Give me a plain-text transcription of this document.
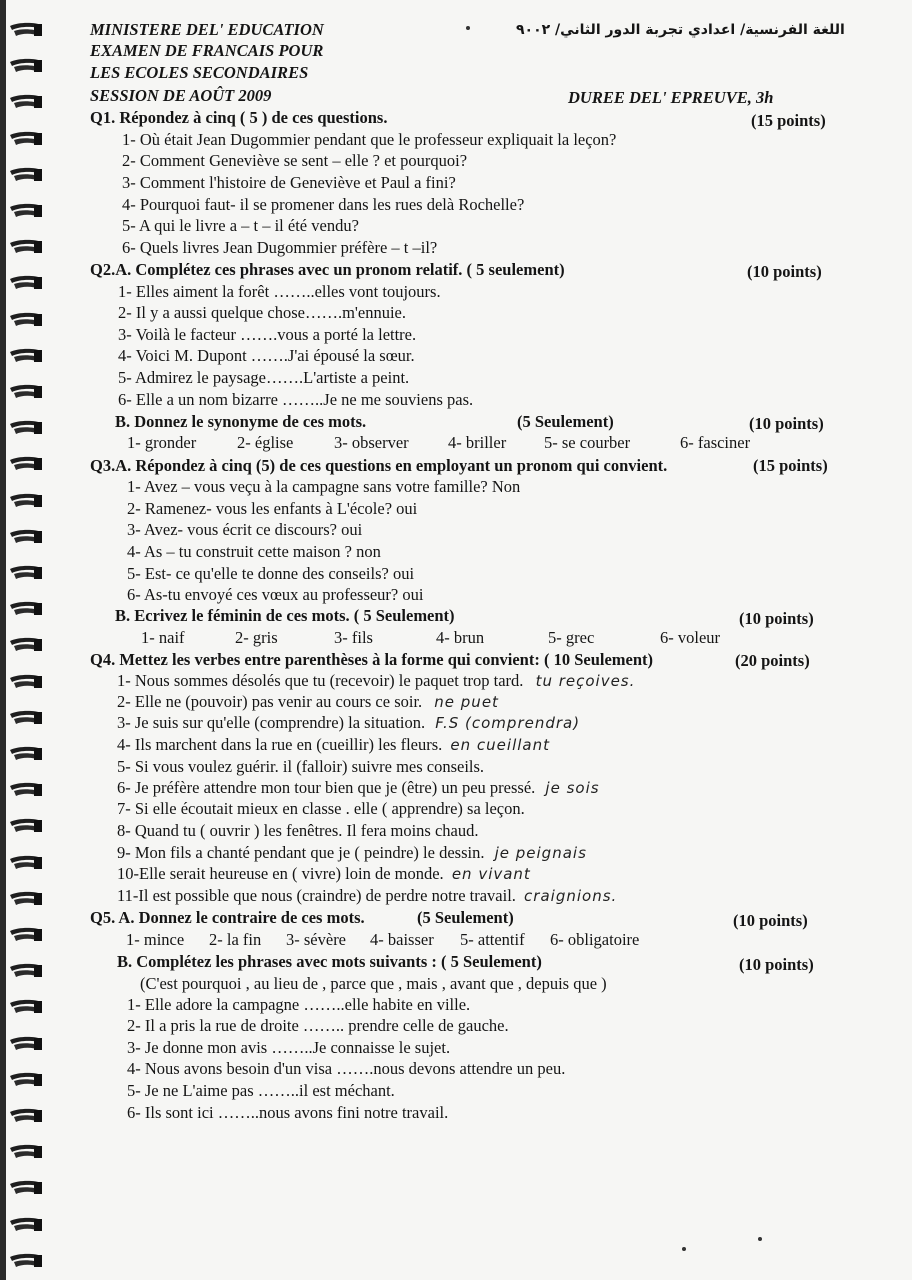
MINISTERE DEL' EDUCATION
EXAMEN DE FRANCAIS POUR
LES ECOLES SECONDAIRES
SESSION DE AOÛT 2009
اللغة الفرنسية/ اعدادي تجربة الدور الثاني/ ٢٠٠٩
DUREE DEL' EPREUVE, 3h
Q1. Répondez à cinq ( 5 ) de ces questions.	(15 points)
1- Où était Jean Dugommier pendant que le professeur expliquait la leçon?
2- Comment Geneviève se sent – elle ? et pourquoi?
3- Comment l'histoire de Geneviève et Paul a fini?
4- Pourquoi faut- il se promener dans les rues delà Rochelle?
5- A qui le livre a – t – il été vendu?
6- Quels livres Jean Dugommier préfère – t –il?
Q2.A. Complétez ces phrases avec un pronom relatif. ( 5 seulement)	(10 points)
1- Elles aiment la forêt ……..elles vont toujours.
2- Il y a aussi quelque chose…….m'ennuie.
3- Voilà le facteur …….vous a porté la lettre.
4- Voici M. Dupont …….J'ai épousé la sœur.
5- Admirez le paysage…….L'artiste a peint.
6- Elle a un nom bizarre ……..Je ne me souviens pas.
B. Donnez le synonyme de ces mots.	(5 Seulement)	(10 points)
1- gronder 2- église 3- observer 4- briller 5- se courber	6- fasciner
Q3.A. Répondez à cinq (5) de ces questions en employant un pronom qui convient.	(15 points)
1- Avez – vous veçu à la campagne sans votre famille? Non
2- Ramenez- vous les enfants à L'école? oui
3- Avez- vous écrit ce discours? oui
4- As – tu construit cette maison ? non
5- Est- ce qu'elle te donne des conseils? oui
6- As-tu envoyé ces vœux au professeur? oui
B. Ecrivez le féminin de ces mots. ( 5 Seulement)	(10 points)
1- naif	2- gris	3- fils	4- brun	5- grec	6- voleur
Q4. Mettez les verbes entre parenthèses à la forme qui convient: ( 10 Seulement)	(20 points)
1- Nous sommes désolés que tu (recevoir) le paquet trop tard. tu reçoives.
2- Elle ne (pouvoir) pas venir au cours ce soir. ne puet
3- Je suis sur qu'elle (comprendre) la situation. F.S (comprendra)
4- Ils marchent dans la rue en (cueillir) les fleurs. en cueillant
5- Si vous voulez guérir. il (falloir) suivre mes conseils.
6- Je préfère attendre mon tour bien que je (être) un peu pressé. je sois
7- Si elle écoutait mieux en classe . elle ( apprendre) sa leçon.
8- Quand tu ( ouvrir ) les fenêtres. Il fera moins chaud.
9- Mon fils a chanté pendant que je ( peindre) le dessin. je peignais
10-Elle serait heureuse en ( vivre) loin de monde. en vivant
11-Il est possible que nous (craindre) de perdre notre travail. craignions.
Q5. A. Donnez le contraire de ces mots.	(5 Seulement)	(10 points)
1- mince 2- la fin 3- sévère 4- baisser 5- attentif 6- obligatoire
B. Complétez les phrases avec mots suivants : ( 5 Seulement)	(10 points)
(C'est pourquoi , au lieu de , parce que , mais , avant que , depuis que )
1- Elle adore la campagne ……..elle habite en ville.
2- Il a pris la rue de droite …….. prendre celle de gauche.
3- Je donne mon avis ……..Je connaisse le sujet.
4- Nous avons besoin d'un visa …….nous devons attendre un peu.
5- Je ne L'aime pas ……..il est méchant.
6- Ils sont ici ……..nous avons fini notre travail.
